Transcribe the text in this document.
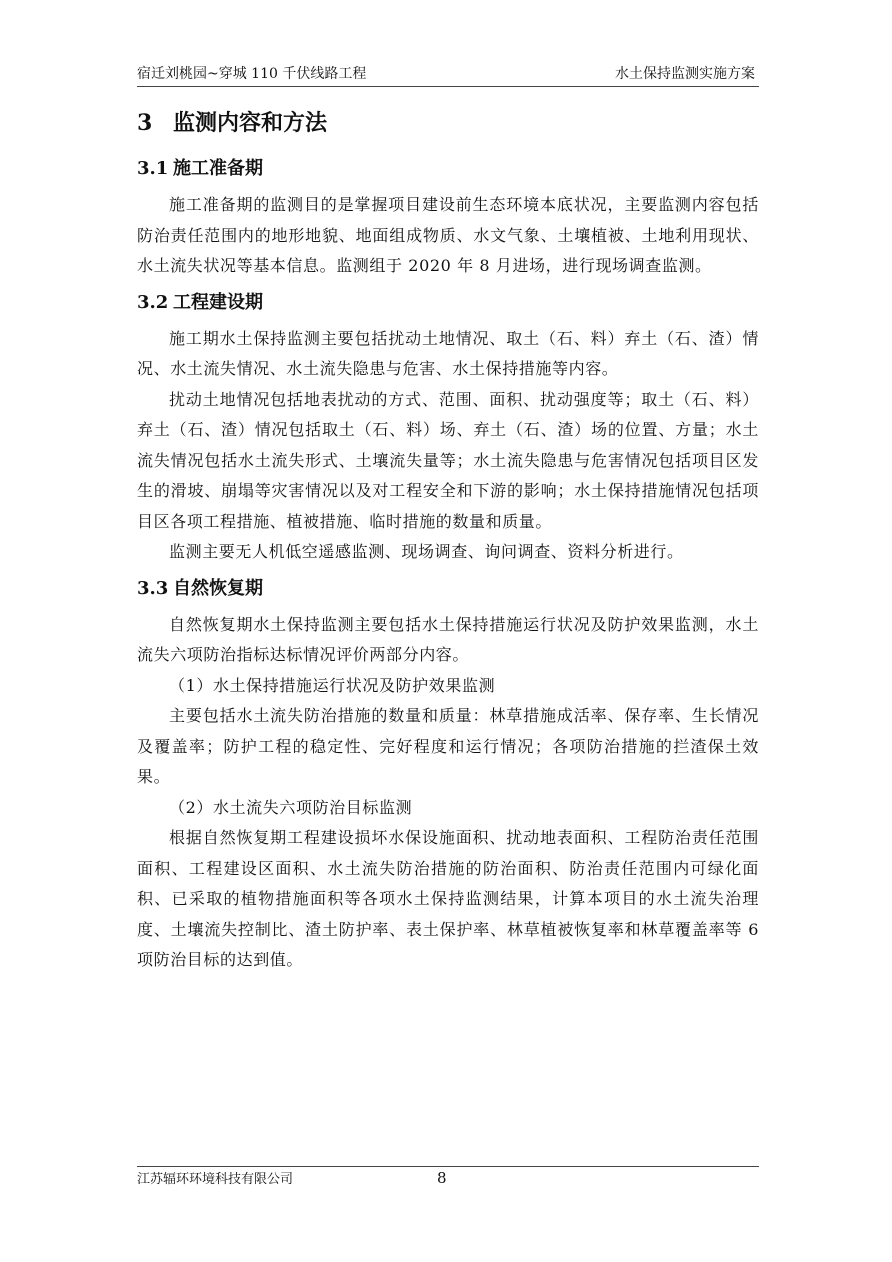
宿迁刘桃园~穿城 110 千伏线路工程	水土保持监测实施方案
3 监测内容和方法
3.1 施工准备期

施工准备期的监测目的是掌握项目建设前生态环境本底状况，主要监测内容包括防治责任范围内的地形地貌、地面组成物质、水文气象、土壤植被、土地利用现状、水土流失状况等基本信息。监测组于 2020 年 8 月进场，进行现场调查监测。

3.2 工程建设期

施工期水土保持监测主要包括扰动土地情况、取土（石、料）弃土（石、渣）情况、水土流失情况、水土流失隐患与危害、水土保持措施等内容。

扰动土地情况包括地表扰动的方式、范围、面积、扰动强度等；取土（石、料）弃土（石、渣）情况包括取土（石、料）场、弃土（石、渣）场的位置、方量；水土流失情况包括水土流失形式、土壤流失量等；水土流失隐患与危害情况包括项目区发生的滑坡、崩塌等灾害情况以及对工程安全和下游的影响；水土保持措施情况包括项目区各项工程措施、植被措施、临时措施的数量和质量。

监测主要无人机低空遥感监测、现场调查、询问调查、资料分析进行。

3.3 自然恢复期

自然恢复期水土保持监测主要包括水土保持措施运行状况及防护效果监测，水土流失六项防治指标达标情况评价两部分内容。

（1）水土保持措施运行状况及防护效果监测

主要包括水土流失防治措施的数量和质量：林草措施成活率、保存率、生长情况及覆盖率；防护工程的稳定性、完好程度和运行情况；各项防治措施的拦渣保土效果。

（2）水土流失六项防治目标监测

根据自然恢复期工程建设损坏水保设施面积、扰动地表面积、工程防治责任范围面积、工程建设区面积、水土流失防治措施的防治面积、防治责任范围内可绿化面积、已采取的植物措施面积等各项水土保持监测结果，计算本项目的水土流失治理度、土壤流失控制比、渣土防护率、表土保护率、林草植被恢复率和林草覆盖率等 6 项防治目标的达到值。

江苏辐环环境科技有限公司	8
